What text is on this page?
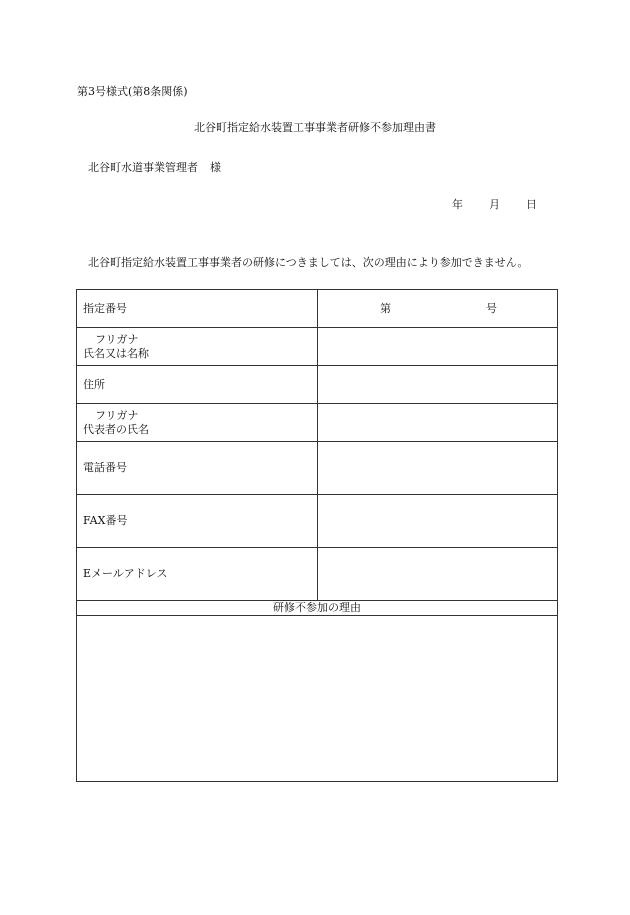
第3号様式(第8条関係)
北谷町指定給水装置工事事業者研修不参加理由書
北谷町水道事業管理者 様
年 月 日
北谷町指定給水装置工事事業者の研修につきましては、次の理由により参加できません。
指定番号	第 号

フリガナ
氏名又は名称	
住所	

フリガナ
代表者の氏名	
電話番号	
FAX番号	
Eメールアドレス	
研修不参加の理由	
